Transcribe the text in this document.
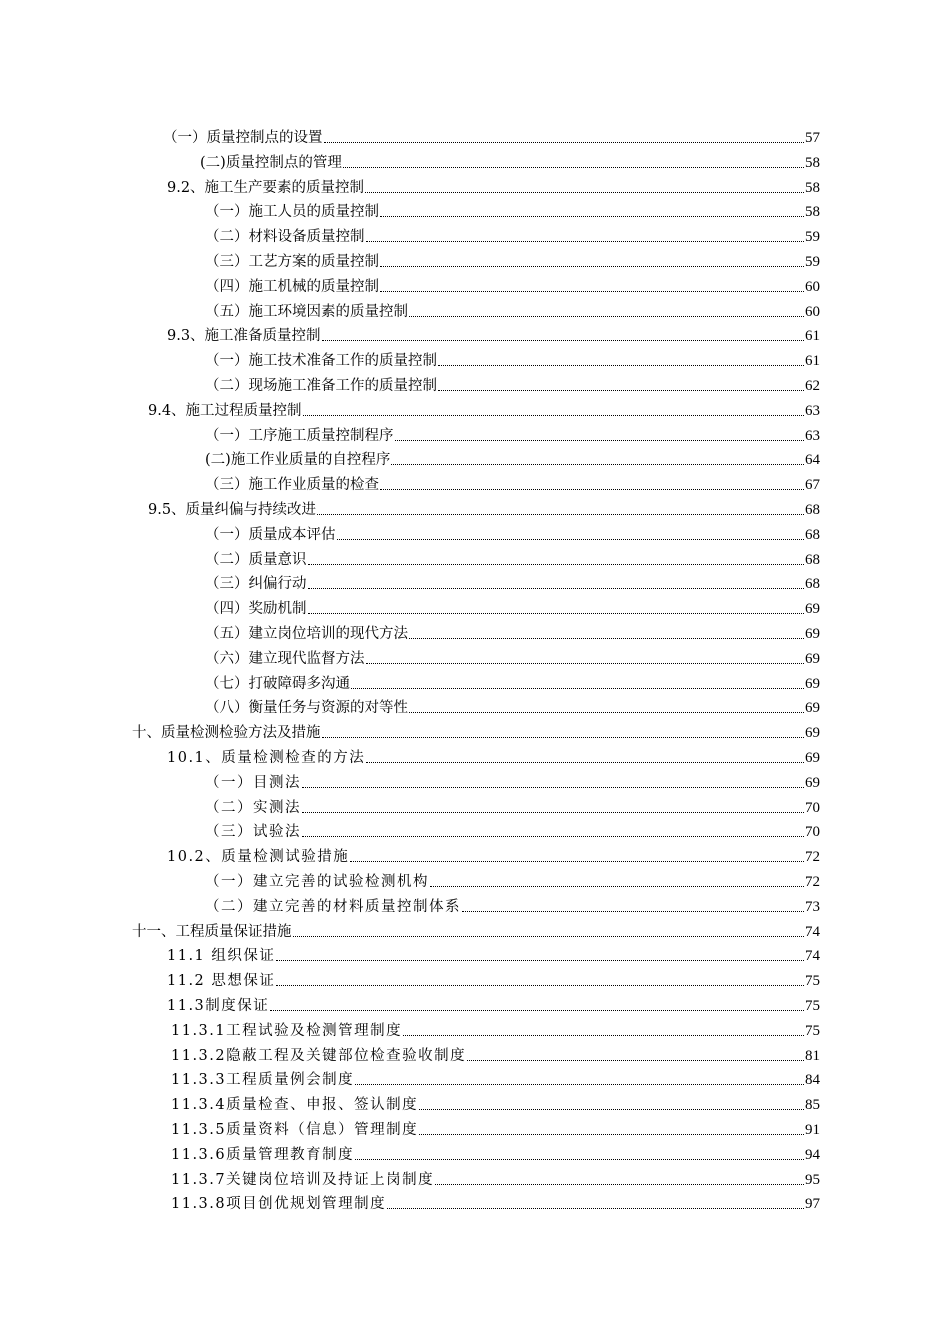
（一）质量控制点的设置	57
(二)质量控制点的管理	58
9.2、施工生产要素的质量控制	58
（一）施工人员的质量控制	58
（二）材料设备质量控制	59
（三）工艺方案的质量控制	59
（四）施工机械的质量控制	60
（五）施工环境因素的质量控制	60
9.3、施工准备质量控制	61
（一）施工技术准备工作的质量控制	61
（二）现场施工准备工作的质量控制	62
9.4、施工过程质量控制	63
（一）工序施工质量控制程序	63
(二)施工作业质量的自控程序	64
（三）施工作业质量的检查	67
9.5、质量纠偏与持续改进	68
（一）质量成本评估	68
（二）质量意识	68
（三）纠偏行动	68
（四）奖励机制	69
（五）建立岗位培训的现代方法	69
（六）建立现代监督方法	69
（七）打破障碍多沟通	69
（八）衡量任务与资源的对等性	69
十、质量检测检验方法及措施	69
10.1、质量检测检查的方法	69
（一）目测法	69
（二）实测法	70
（三）试验法	70
10.2、质量检测试验措施	72
（一）建立完善的试验检测机构	72
（二）建立完善的材料质量控制体系	73
十一、工程质量保证措施	74
11.1 组织保证	74
11.2 思想保证	75
11.3制度保证	75
11.3.1工程试验及检测管理制度	75
11.3.2隐蔽工程及关键部位检查验收制度	81
11.3.3工程质量例会制度	84
11.3.4质量检查、申报、签认制度	85
11.3.5质量资料（信息）管理制度	91
11.3.6质量管理教育制度	94
11.3.7关键岗位培训及持证上岗制度	95
11.3.8项目创优规划管理制度	97
